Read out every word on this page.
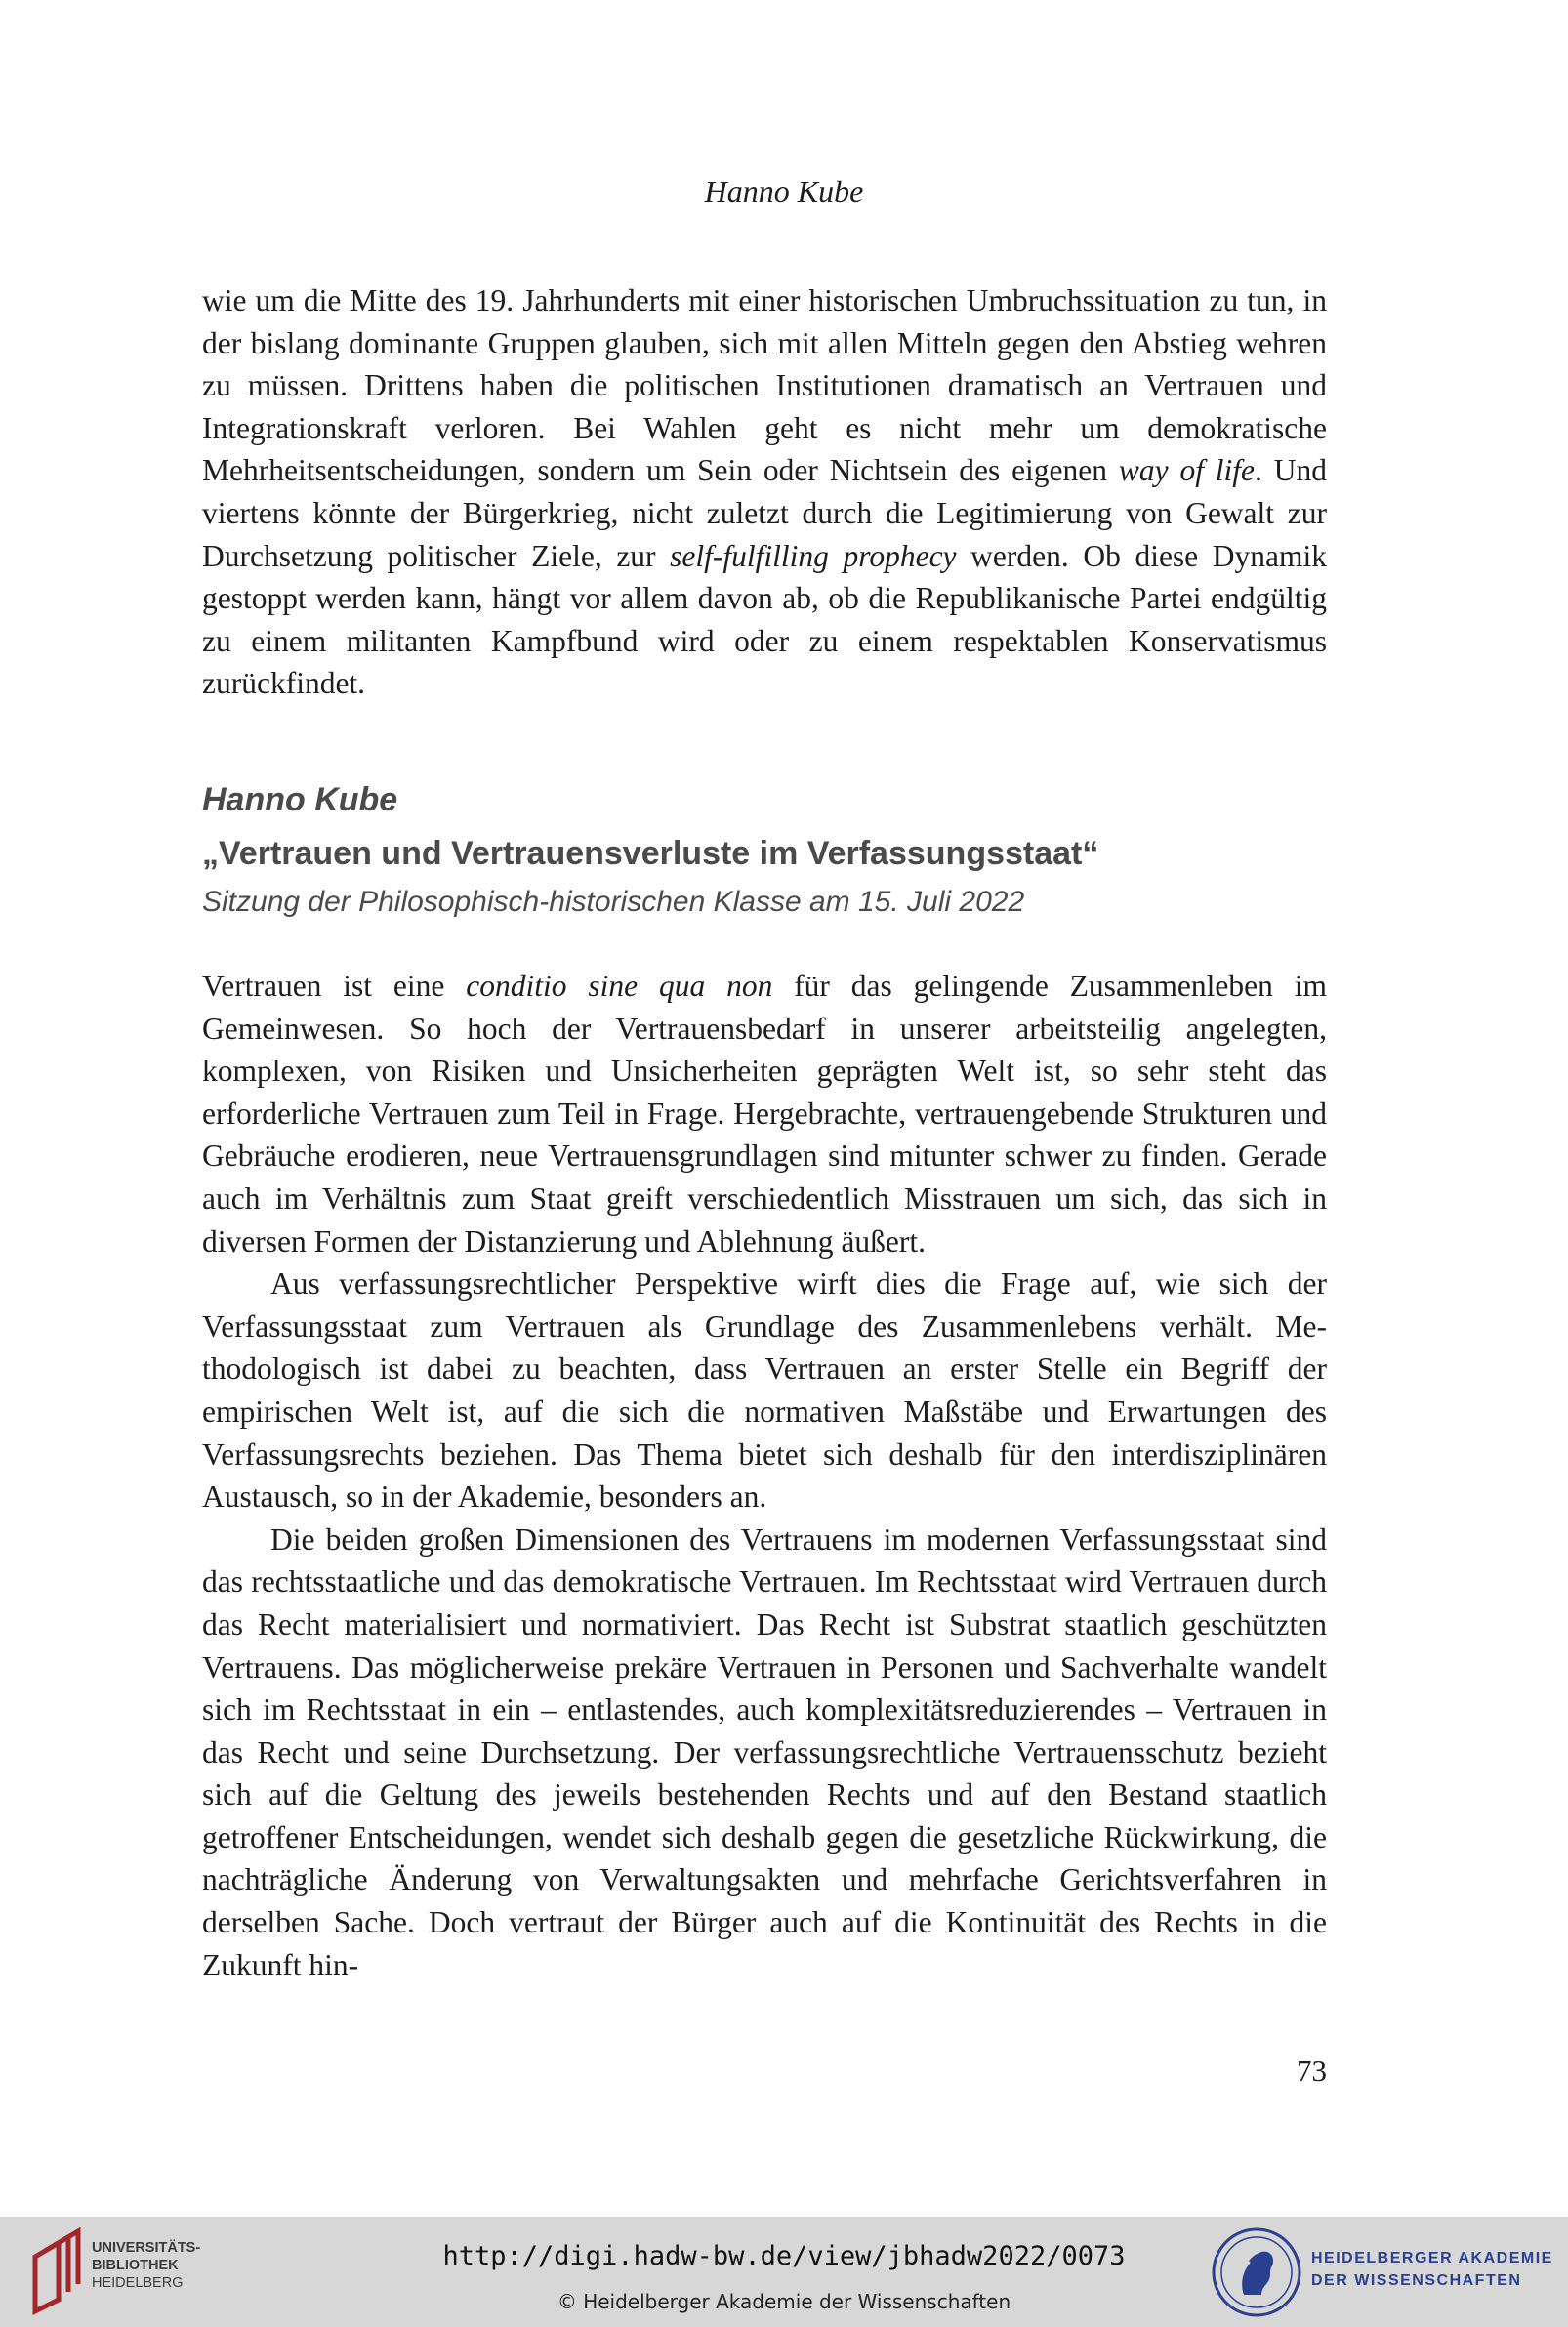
Hanno Kube

wie um die Mitte des 19. Jahrhunderts mit einer historischen Umbruchssituation zu tun, in der bislang dominante Gruppen glauben, sich mit allen Mitteln gegen den Abstieg wehren zu müssen. Drittens haben die politischen Institutionen dramatisch an Vertrauen und Integrationskraft verloren. Bei Wahlen geht es nicht mehr um demokratische Mehrheitsentscheidungen, sondern um Sein oder Nichtsein des eigenen way of life. Und viertens könnte der Bürgerkrieg, nicht zuletzt durch die Legitimierung von Gewalt zur Durchsetzung politischer Ziele, zur self-fulfilling prophecy werden. Ob diese Dynamik gestoppt werden kann, hängt vor allem davon ab, ob die Republikanische Partei endgültig zu einem militanten Kampfbund wird oder zu einem respektablen Konservatismus zurückfindet.

Hanno Kube
„Vertrauen und Vertrauensverluste im Verfassungsstaat“
Sitzung der Philosophisch-historischen Klasse am 15. Juli 2022

Vertrauen ist eine conditio sine qua non für das gelingende Zusammenleben im Gemeinwesen. So hoch der Vertrauensbedarf in unserer arbeitsteilig angelegten, komplexen, von Risiken und Unsicherheiten geprägten Welt ist, so sehr steht das erforderliche Vertrauen zum Teil in Frage. Hergebrachte, vertrauengebende Strukturen und Gebräuche erodieren, neue Vertrauensgrundlagen sind mitunter schwer zu finden. Gerade auch im Verhältnis zum Staat greift verschiedentlich Misstrauen um sich, das sich in diversen Formen der Distanzierung und Ablehnung äußert.

Aus verfassungsrechtlicher Perspektive wirft dies die Frage auf, wie sich der Verfassungsstaat zum Vertrauen als Grundlage des Zusammenlebens verhält. Methodologisch ist dabei zu beachten, dass Vertrauen an erster Stelle ein Begriff der empirischen Welt ist, auf die sich die normativen Maßstäbe und Erwartungen des Verfassungsrechts beziehen. Das Thema bietet sich deshalb für den interdisziplinären Austausch, so in der Akademie, besonders an.

Die beiden großen Dimensionen des Vertrauens im modernen Verfassungsstaat sind das rechtsstaatliche und das demokratische Vertrauen. Im Rechtsstaat wird Vertrauen durch das Recht materialisiert und normativiert. Das Recht ist Substrat staatlich geschützten Vertrauens. Das möglicherweise prekäre Vertrauen in Personen und Sachverhalte wandelt sich im Rechtsstaat in ein – entlastendes, auch komplexitätsreduzierendes – Vertrauen in das Recht und seine Durchsetzung. Der verfassungsrechtliche Vertrauensschutz bezieht sich auf die Geltung des jeweils bestehenden Rechts und auf den Bestand staatlich getroffener Entscheidungen, wendet sich deshalb gegen die gesetzliche Rückwirkung, die nachträgliche Änderung von Verwaltungsakten und mehrfache Gerichtsverfahren in derselben Sache. Doch vertraut der Bürger auch auf die Kontinuität des Rechts in die Zukunft hin-

73
UNIVERSITÄTS-
BIBLIOTHEK
HEIDELBERG
http://digi.hadw-bw.de/view/jbhadw2022/0073
© Heidelberger Akademie der Wissenschaften
HEIDELBERGER AKADEMIE
DER WISSENSCHAFTEN
